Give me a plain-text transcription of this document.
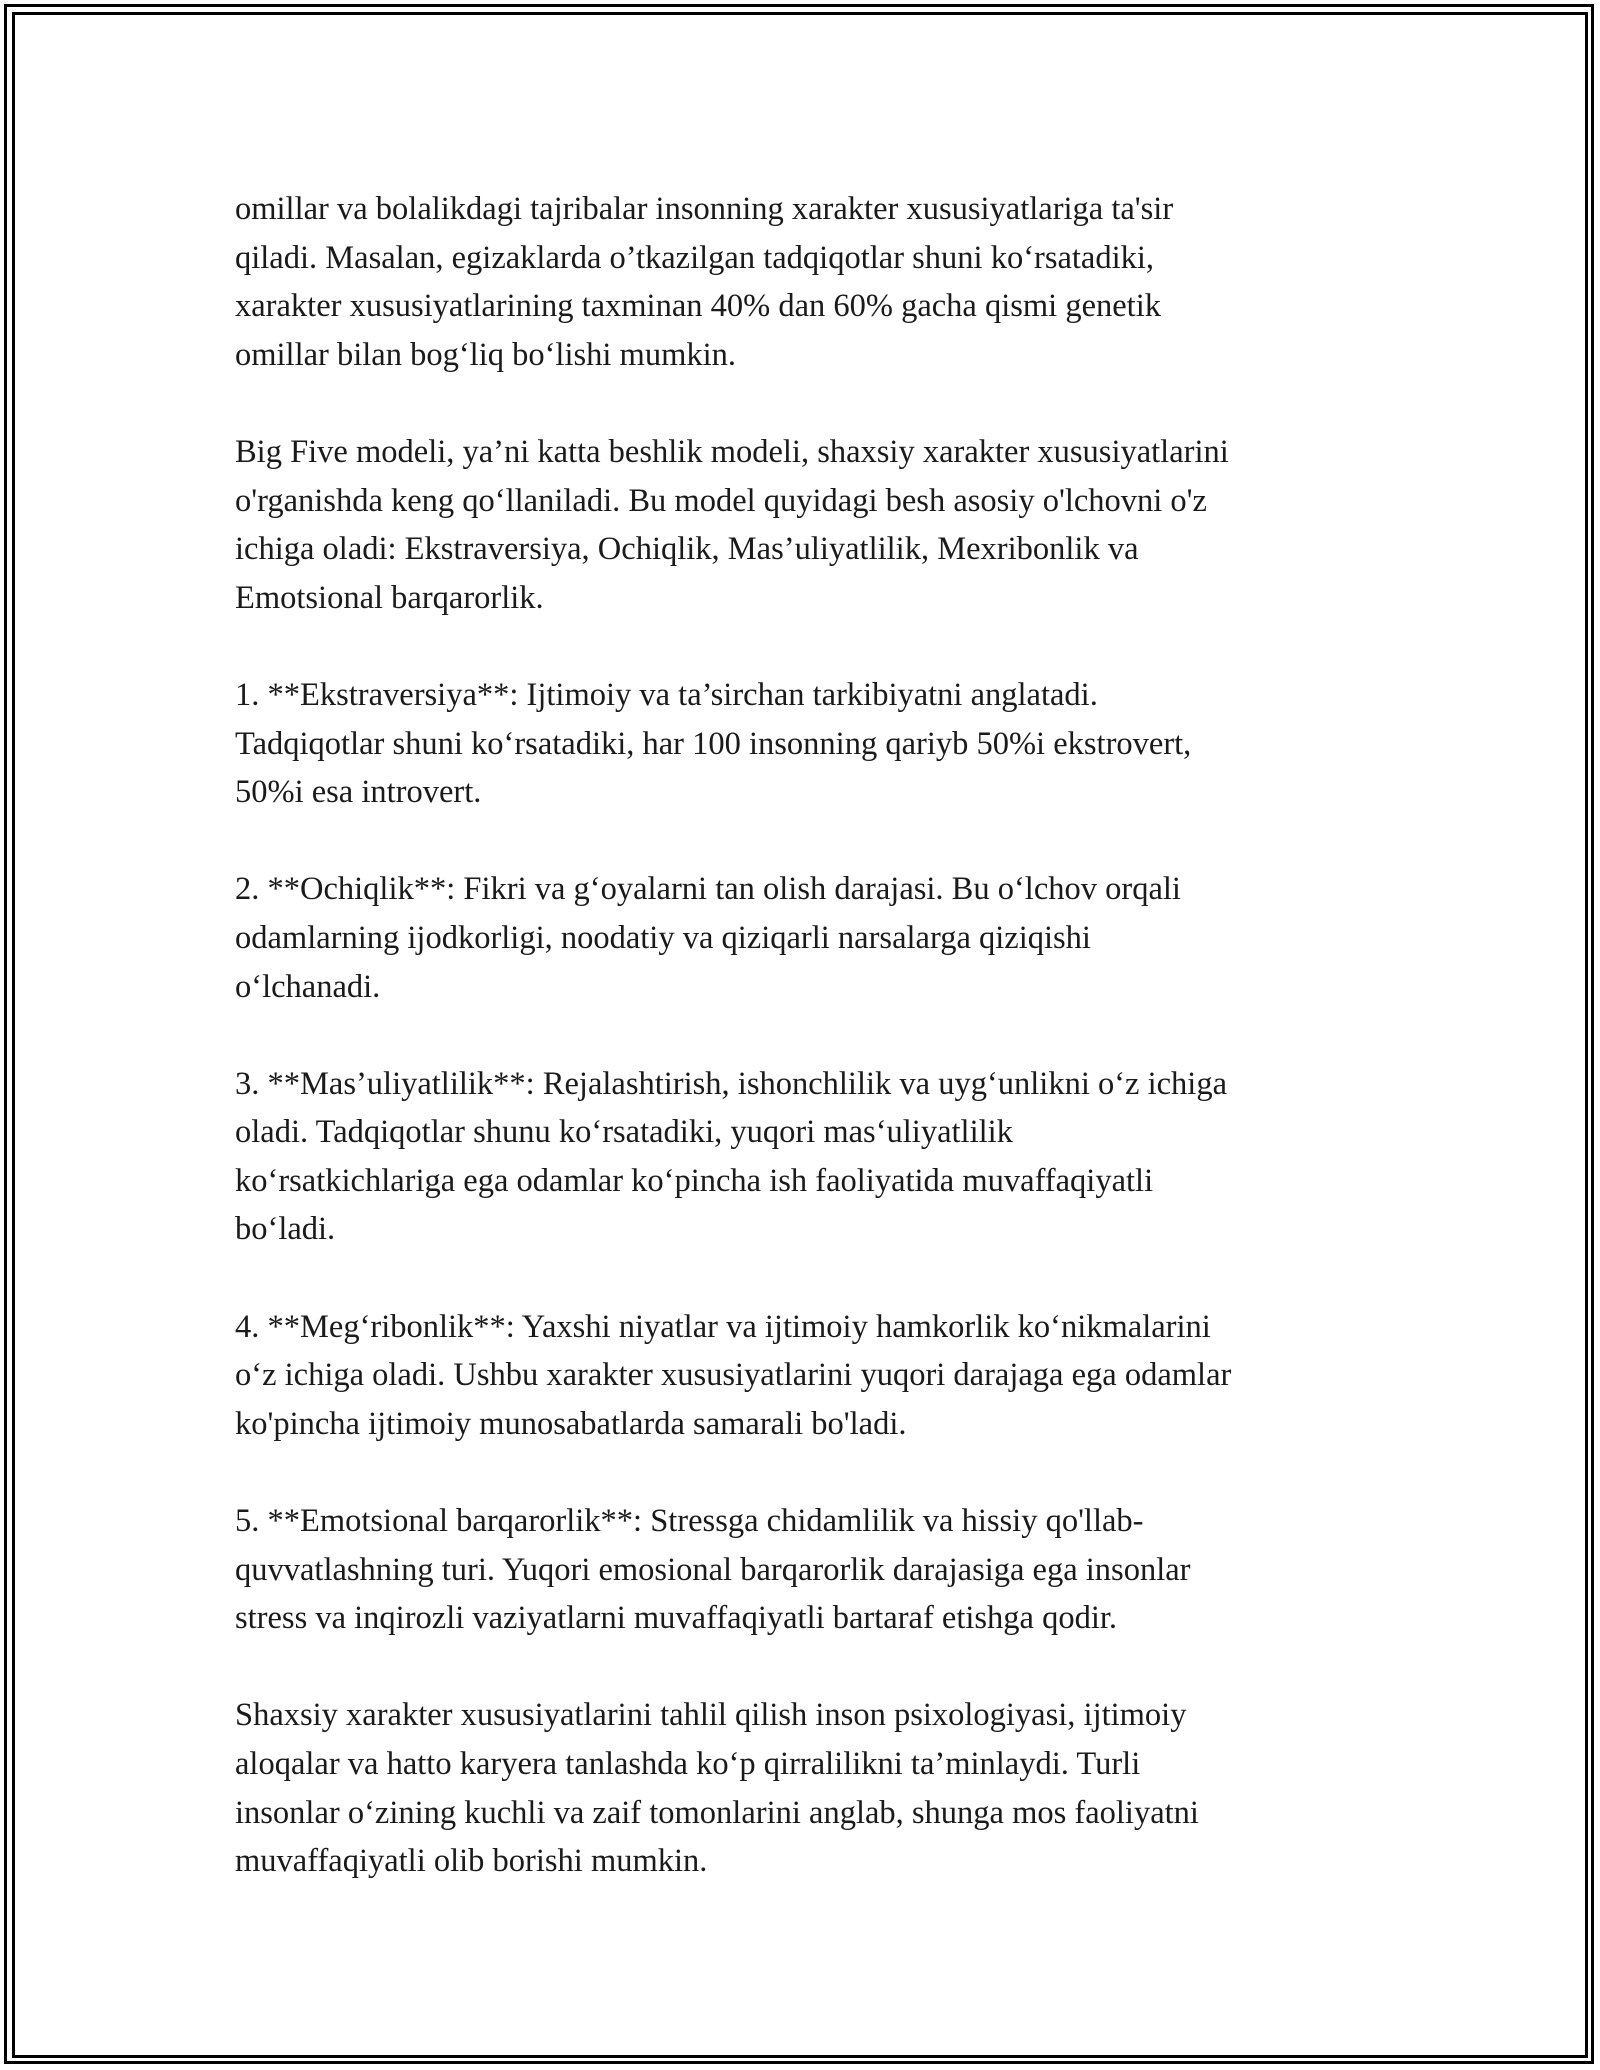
omillar va bolalikdagi tajribalar insonning xarakter xususiyatlariga ta'sir
qiladi. Masalan, egizaklarda o’tkazilgan tadqiqotlar shuni ko‘rsatadiki,
xarakter xususiyatlarining taxminan 40% dan 60% gacha qismi genetik
omillar bilan bog‘liq bo‘lishi mumkin.

Big Five modeli, ya’ni katta beshlik modeli, shaxsiy xarakter xususiyatlarini
o'rganishda keng qo‘llaniladi. Bu model quyidagi besh asosiy o'lchovni o'z
ichiga oladi: Ekstraversiya, Ochiqlik, Mas’uliyatlilik, Mexribonlik va
Emotsional barqarorlik.

1. **Ekstraversiya**: Ijtimoiy va ta’sirchan tarkibiyatni anglatadi.
Tadqiqotlar shuni ko‘rsatadiki, har 100 insonning qariyb 50%i ekstrovert,
50%i esa introvert.

2. **Ochiqlik**: Fikri va g‘oyalarni tan olish darajasi. Bu o‘lchov orqali
odamlarning ijodkorligi, noodatiy va qiziqarli narsalarga qiziqishi
o‘lchanadi.

3. **Mas’uliyatlilik**: Rejalashtirish, ishonchlilik va uyg‘unlikni o‘z ichiga
oladi. Tadqiqotlar shunu ko‘rsatadiki, yuqori mas‘uliyatlilik
ko‘rsatkichlariga ega odamlar ko‘pincha ish faoliyatida muvaffaqiyatli
bo‘ladi.

4. **Meg‘ribonlik**: Yaxshi niyatlar va ijtimoiy hamkorlik ko‘nikmalarini
o‘z ichiga oladi. Ushbu xarakter xususiyatlarini yuqori darajaga ega odamlar
ko'pincha ijtimoiy munosabatlarda samarali bo'ladi.

5. **Emotsional barqarorlik**: Stressga chidamlilik va hissiy qo'llab-
quvvatlashning turi. Yuqori emosional barqarorlik darajasiga ega insonlar
stress va inqirozli vaziyatlarni muvaffaqiyatli bartaraf etishga qodir.

Shaxsiy xarakter xususiyatlarini tahlil qilish inson psixologiyasi, ijtimoiy
aloqalar va hatto karyera tanlashda ko‘p qirralilikni ta’minlaydi. Turli
insonlar o‘zining kuchli va zaif tomonlarini anglab, shunga mos faoliyatni
muvaffaqiyatli olib borishi mumkin.
